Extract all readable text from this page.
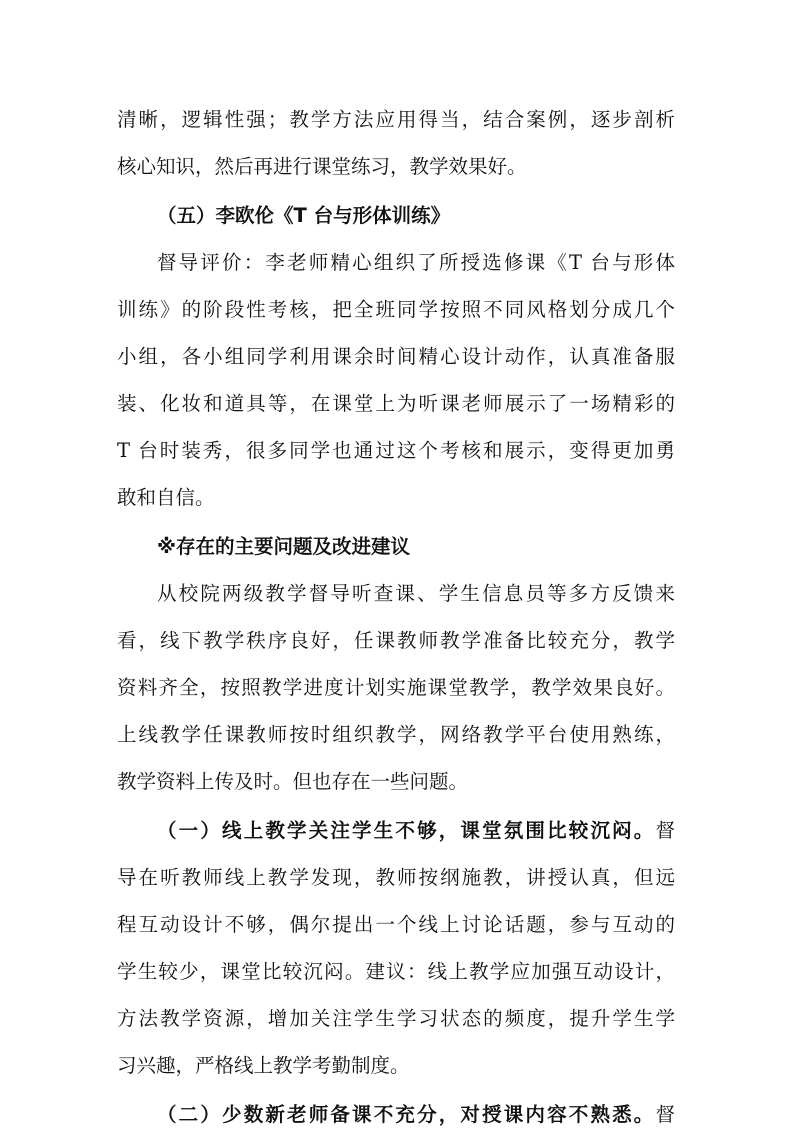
清晰，逻辑性强；教学方法应用得当，结合案例，逐步剖析
核心知识，然后再进行课堂练习，教学效果好。
（五）李欧伦《T 台与形体训练》
督导评价：李老师精心组织了所授选修课《T 台与形体
训练》的阶段性考核，把全班同学按照不同风格划分成几个
小组，各小组同学利用课余时间精心设计动作，认真准备服
装、化妆和道具等，在课堂上为听课老师展示了一场精彩的
T 台时装秀，很多同学也通过这个考核和展示，变得更加勇
敢和自信。
※存在的主要问题及改进建议
从校院两级教学督导听查课、学生信息员等多方反馈来
看，线下教学秩序良好，任课教师教学准备比较充分，教学
资料齐全，按照教学进度计划实施课堂教学，教学效果良好。
上线教学任课教师按时组织教学，网络教学平台使用熟练，
教学资料上传及时。但也存在一些问题。
（一）线上教学关注学生不够，课堂氛围比较沉闷。督
导在听教师线上教学发现，教师按纲施教，讲授认真，但远
程互动设计不够，偶尔提出一个线上讨论话题，参与互动的
学生较少，课堂比较沉闷。建议：线上教学应加强互动设计，
方法教学资源，增加关注学生学习状态的频度，提升学生学
习兴趣，严格线上教学考勤制度。
（二）少数新老师备课不充分，对授课内容不熟悉。督
